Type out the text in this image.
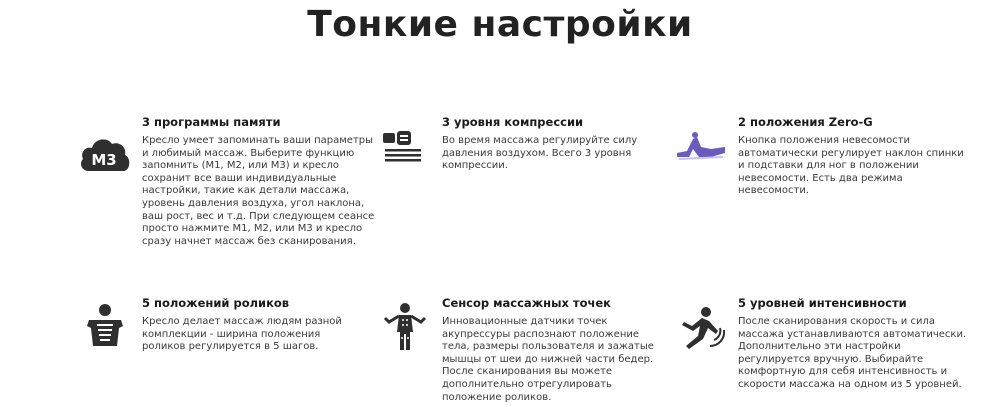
Тонкие настройки
M3
3 программы памяти

Кресло умеет запоминать ваши параметры и любимый массаж. Выберите функцию запомнить (M1, M2, или M3) и кресло сохранит все ваши индивидуальные настройки, такие как детали массажа, уровень давления воздуха, угол наклона, ваш рост, вес и т.д. При следующем сеансе просто нажмите M1, M2, или M3 и кресло сразу начнет массаж без сканирования.

3 уровня компрессии

Во время массажа регулируйте силу давления воздухом. Всего 3 уровня компрессии.

2 положения Zero-G

Кнопка положения невесомости автоматически регулирует наклон спинки и подставки для ног в положении невесомости. Есть два режима невесомости.

5 положений роликов

Кресло делает массаж людям разной комплекции - ширина положения роликов регулируется в 5 шагов.

Сенсор массажных точек

Инновационные датчики точек акупрессуры распознают положение тела, размеры пользователя и зажатые мышцы от шеи до нижней части бедер. После сканирования вы можете дополнительно отрегулировать положение роликов.

5 уровней интенсивности

После сканирования скорость и сила массажа устанавливаются автоматически. Дополнительно эти настройки регулируется вручную. Выбирайте комфортную для себя интенсивность и скорости массажа на одном из 5 уровней.
